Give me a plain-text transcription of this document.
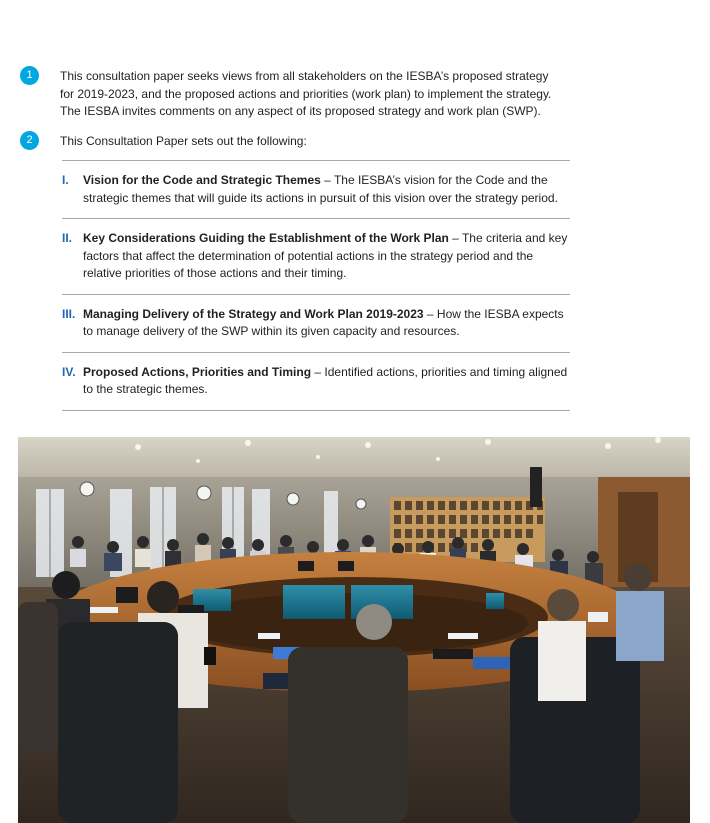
1	This consultation paper seeks views from all stakeholders on the IESBA’s proposed strategy for 2019-2023, and the proposed actions and priorities (work plan) to implement the strategy. The IESBA invites comments on any aspect of its proposed strategy and work plan (SWP).
2	This Consultation Paper sets out the following:
I. Vision for the Code and Strategic Themes – The IESBA’s vision for the Code and the strategic themes that will guide its actions in pursuit of this vision over the strategy period.
II. Key Considerations Guiding the Establishment of the Work Plan – The criteria and key factors that affect the determination of potential actions in the strategy period and the relative priorities of those actions and their timing.
III. Managing Delivery of the Strategy and Work Plan 2019-2023 – How the IESBA expects to manage delivery of the SWP within its given capacity and resources.
IV. Proposed Actions, Priorities and Timing – Identified actions, priorities and timing aligned to the strategic themes.
